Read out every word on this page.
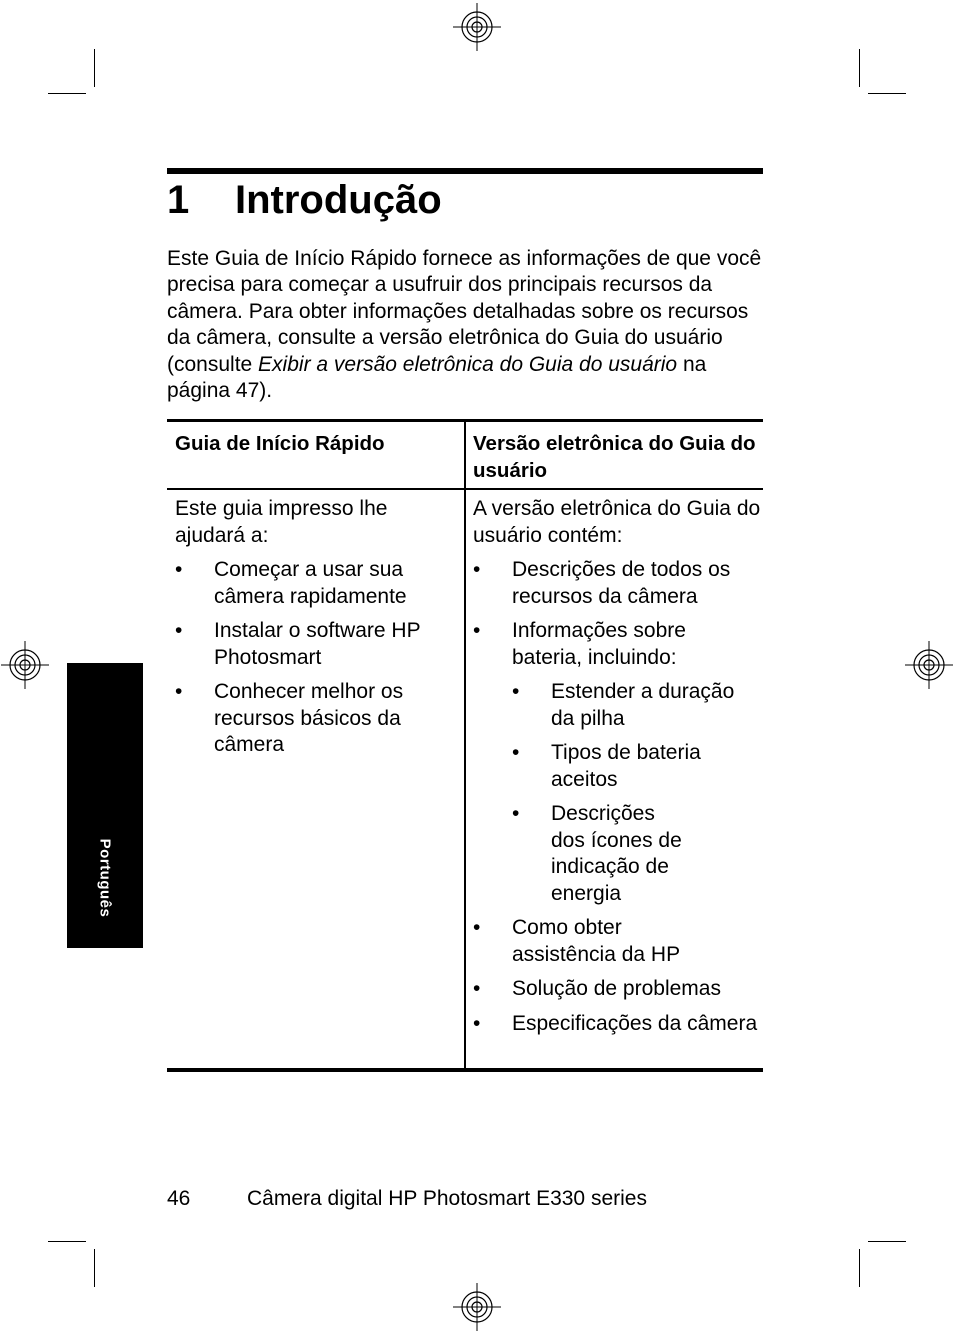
1 Introdução

Este Guia de Início Rápido fornece as informações de que você precisa para começar a usufruir dos principais recursos da câmera. Para obter informações detalhadas sobre os recursos da câmera, consulte a versão eletrônica do Guia do usuário (consulte Exibir a versão eletrônica do Guia do usuário na página 47).

Guia de Início Rápido	Versão eletrônica do Guia do usuário

Este guia impresso lhe ajudará a:

• Começar a usar sua câmera rapidamente
• Instalar o software HP Photosmart
• Conhecer melhor os recursos básicos da câmera

A versão eletrônica do Guia do usuário contém:

• Descrições de todos os recursos da câmera
• Informações sobre bateria, incluindo:
• Estender a duração da pilha
• Tipos de bateria aceitos
• Descrições dos ícones de indicação de energia
• Como obter assistência da HP
• Solução de problemas
• Especificações da câmera
Português
46	Câmera digital HP Photosmart E330 series
